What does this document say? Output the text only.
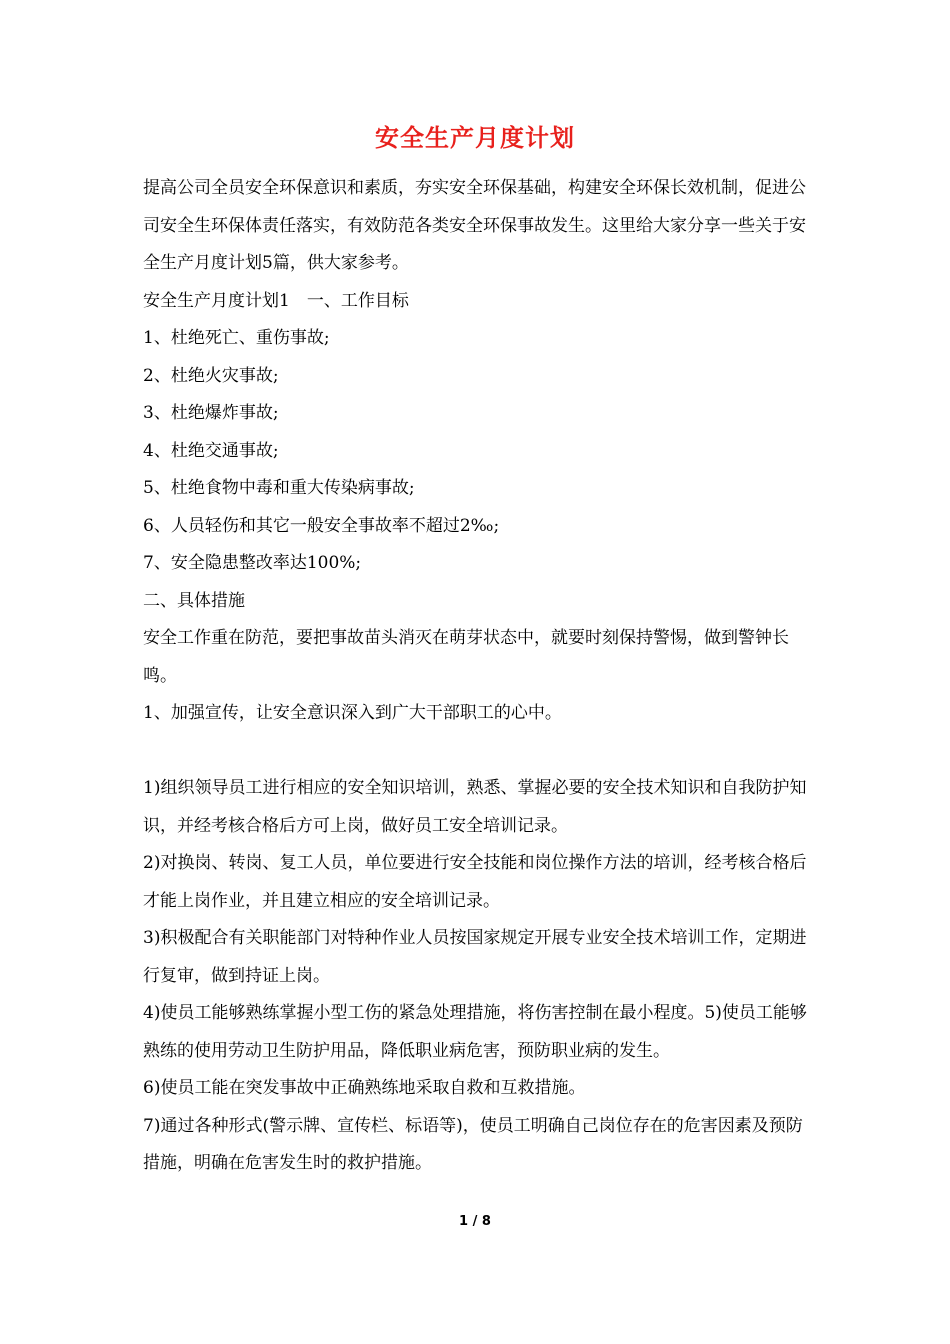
安全生产月度计划

提高公司全员安全环保意识和素质，夯实安全环保基础，构建安全环保长效机制，促进公司安全生环保体责任落实，有效防范各类安全环保事故发生。这里给大家分享一些关于安全生产月度计划5篇，供大家参考。

安全生产月度计划1　一、工作目标

1、杜绝死亡、重伤事故;

2、杜绝火灾事故;

3、杜绝爆炸事故;

4、杜绝交通事故;

5、杜绝食物中毒和重大传染病事故;

6、人员轻伤和其它一般安全事故率不超过2‰;

7、安全隐患整改率达100%;

二、具体措施

安全工作重在防范，要把事故苗头消灭在萌芽状态中，就要时刻保持警惕，做到警钟长鸣。

1、加强宣传，让安全意识深入到广大干部职工的心中。

1)组织领导员工进行相应的安全知识培训，熟悉、掌握必要的安全技术知识和自我防护知识，并经考核合格后方可上岗，做好员工安全培训记录。

2)对换岗、转岗、复工人员，单位要进行安全技能和岗位操作方法的培训，经考核合格后才能上岗作业，并且建立相应的安全培训记录。

3)积极配合有关职能部门对特种作业人员按国家规定开展专业安全技术培训工作，定期进行复审，做到持证上岗。

4)使员工能够熟练掌握小型工伤的紧急处理措施，将伤害控制在最小程度。5)使员工能够熟练的使用劳动卫生防护用品，降低职业病危害，预防职业病的发生。

6)使员工能在突发事故中正确熟练地采取自救和互救措施。

7)通过各种形式(警示牌、宣传栏、标语等)，使员工明确自己岗位存在的危害因素及预防措施，明确在危害发生时的救护措施。

1 / 8
